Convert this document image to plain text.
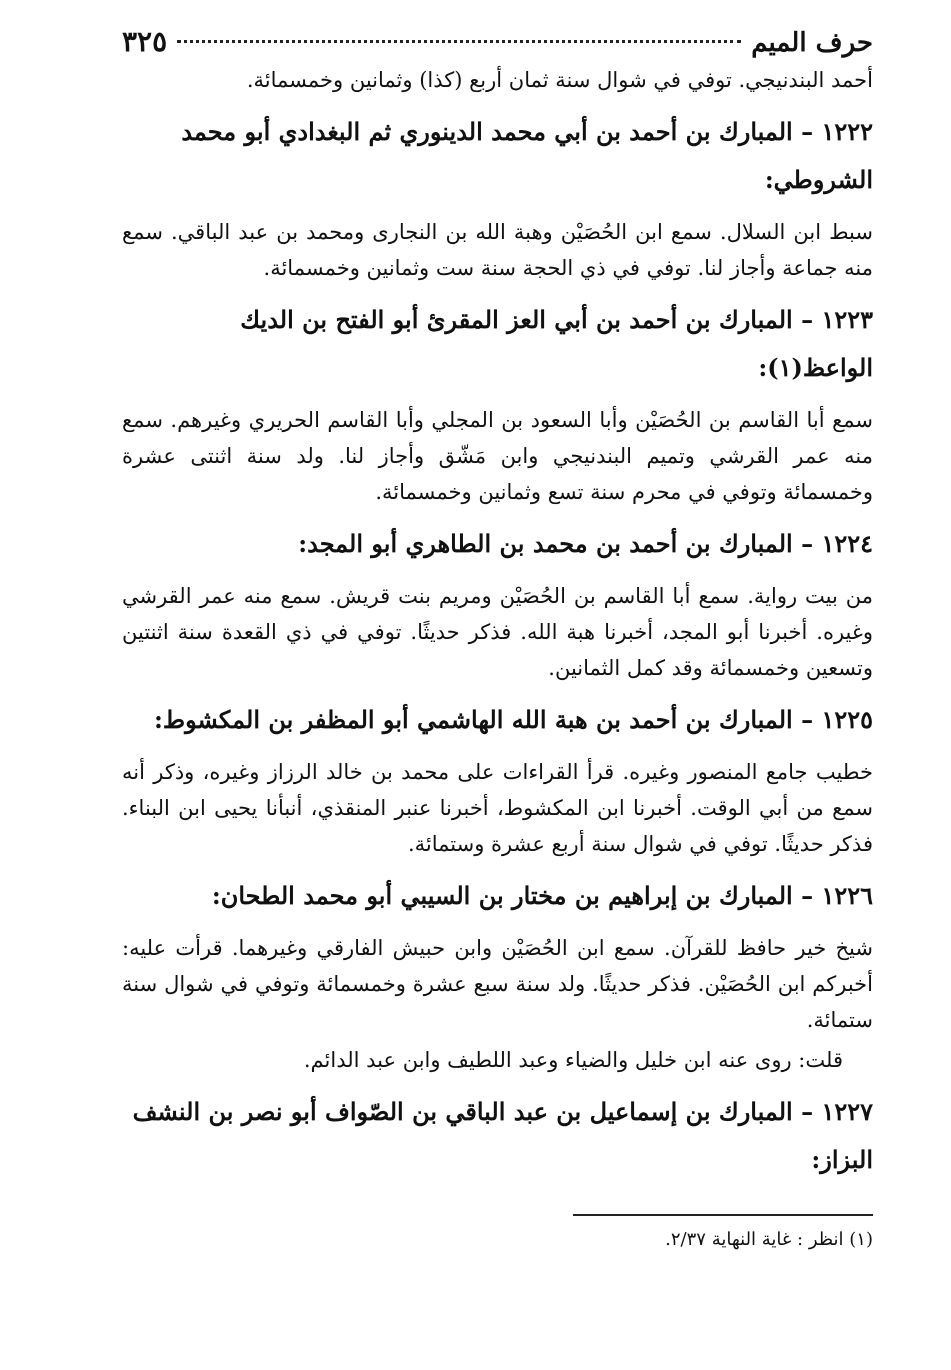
حرف الميم
٣٢٥

أحمد البندنيجي. توفي في شوال سنة ثمان أربع (كذا) وثمانين وخمسمائة.

١٢٢٢ – المبارك بن أحمد بن أبي محمد الدينوري ثم البغدادي أبو محمد الشروطي:

سبط ابن السلال. سمع ابن الحُصَيْن وهبة الله بن النجارى ومحمد بن عبد الباقي. سمع منه جماعة وأجاز لنا. توفي في ذي الحجة سنة ست وثمانين وخمسمائة.

١٢٢٣ – المبارك بن أحمد بن أبي العز المقرئ أبو الفتح بن الديك الواعظ(١):

سمع أبا القاسم بن الحُصَيْن وأبا السعود بن المجلي وأبا القاسم الحريري وغيرهم. سمع منه عمر القرشي وتميم البندنيجي وابن مَشّق وأجاز لنا. ولد سنة اثنتى عشرة وخمسمائة وتوفي في محرم سنة تسع وثمانين وخمسمائة.

١٢٢٤ – المبارك بن أحمد بن محمد بن الطاهري أبو المجد:

من بيت رواية. سمع أبا القاسم بن الحُصَيْن ومريم بنت قريش. سمع منه عمر القرشي وغيره. أخبرنا أبو المجد، أخبرنا هبة الله. فذكر حديثًا. توفي في ذي القعدة سنة اثنتين وتسعين وخمسمائة وقد كمل الثمانين.

١٢٢٥ – المبارك بن أحمد بن هبة الله الهاشمي أبو المظفر بن المكشوط:

خطيب جامع المنصور وغيره. قرأ القراءات على محمد بن خالد الرزاز وغيره، وذكر أنه سمع من أبي الوقت. أخبرنا ابن المكشوط، أخبرنا عنبر المنقذي، أنبأنا يحيى ابن البناء. فذكر حديثًا. توفي في شوال سنة أربع عشرة وستمائة.

١٢٢٦ – المبارك بن إبراهيم بن مختار بن السيبي أبو محمد الطحان:

شيخ خير حافظ للقرآن. سمع ابن الحُصَيْن وابن حبيش الفارقي وغيرهما. قرأت عليه: أخبركم ابن الحُصَيْن. فذكر حديثًا. ولد سنة سبع عشرة وخمسمائة وتوفي في شوال سنة ستمائة.

قلت: روى عنه ابن خليل والضياء وعبد اللطيف وابن عبد الدائم.

١٢٢٧ – المبارك بن إسماعيل بن عبد الباقي بن الصّواف أبو نصر بن النشف البزاز:
(١) انظر : غاية النهاية ٢/٣٧.
